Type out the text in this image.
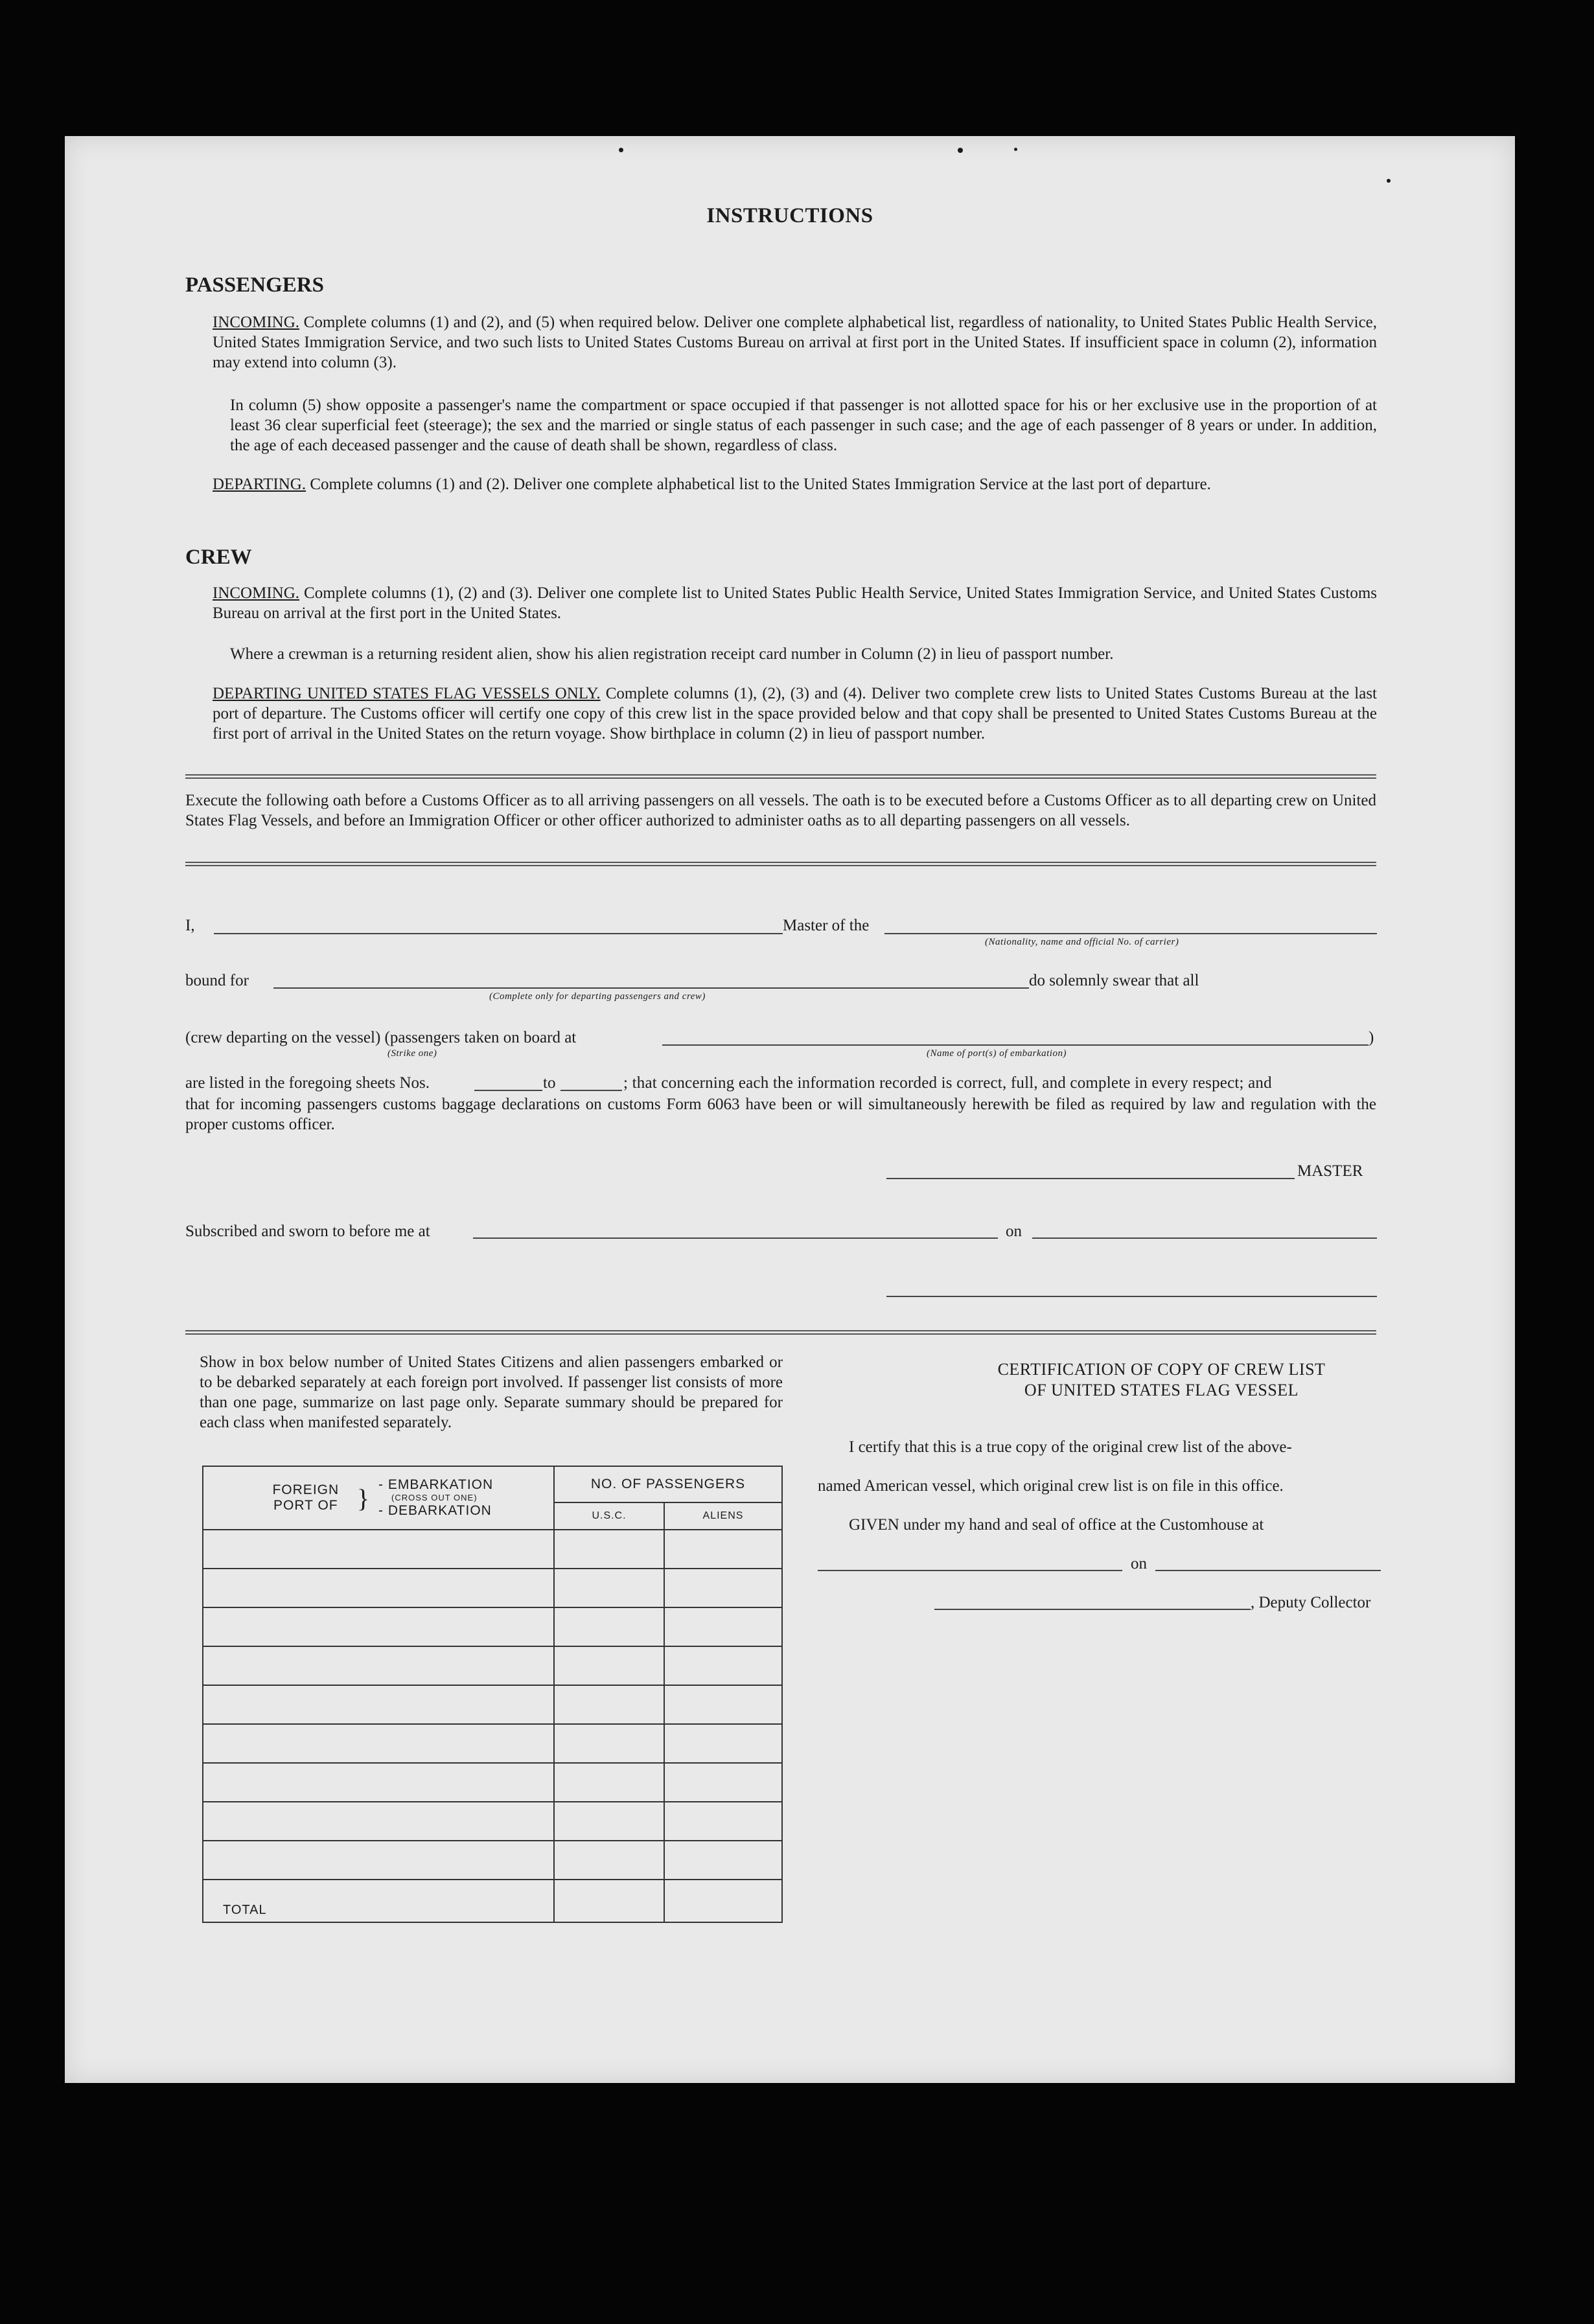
INSTRUCTIONS
PASSENGERS
INCOMING. Complete columns (1) and (2), and (5) when required below. Deliver one complete alphabetical list, regardless of nationality, to United States Public Health Service, United States Immigration Service, and two such lists to United States Customs Bureau on arrival at first port in the United States. If insufficient space in column (2), information may extend into column (3).
In column (5) show opposite a passenger's name the compartment or space occupied if that passenger is not allotted space for his or her exclusive use in the proportion of at least 36 clear superficial feet (steerage); the sex and the married or single status of each passenger in such case; and the age of each passenger of 8 years or under. In addition, the age of each deceased passenger and the cause of death shall be shown, regardless of class.
DEPARTING. Complete columns (1) and (2). Deliver one complete alphabetical list to the United States Immigration Service at the last port of departure.
CREW
INCOMING. Complete columns (1), (2) and (3). Deliver one complete list to United States Public Health Service, United States Immigration Service, and United States Customs Bureau on arrival at the first port in the United States.
Where a crewman is a returning resident alien, show his alien registration receipt card number in Column (2) in lieu of passport number.
DEPARTING UNITED STATES FLAG VESSELS ONLY. Complete columns (1), (2), (3) and (4). Deliver two complete crew lists to United States Customs Bureau at the last port of departure. The Customs officer will certify one copy of this crew list in the space provided below and that copy shall be presented to United States Customs Bureau at the first port of arrival in the United States on the return voyage. Show birthplace in column (2) in lieu of passport number.
Execute the following oath before a Customs Officer as to all arriving passengers on all vessels. The oath is to be executed before a Customs Officer as to all departing crew on United States Flag Vessels, and before an Immigration Officer or other officer authorized to administer oaths as to all departing passengers on all vessels.
I,	Master of the
(Nationality, name and official No. of carrier)
bound for	do solemnly swear that all
(Complete only for departing passengers and crew)
(crew departing on the vessel) (passengers taken on board at	)
(Strike one)	(Name of port(s) of embarkation)
are listed in the foregoing sheets Nos.	to	; that concerning each the information recorded is correct, full, and complete in every respect; and
that for incoming passengers customs baggage declarations on customs Form 6063 have been or will simultaneously herewith be filed as required by law and regulation with the proper customs officer.
MASTER
Subscribed and sworn to before me at	on
Show in box below number of United States Citizens and alien passengers embarked or to be debarked separately at each foreign port involved. If passenger list consists of more than one page, summarize on last page only. Separate summary should be prepared for each class when manifested separately.
FOREIGN PORT OF } - EMBARKATION
(CROSS OUT ONE)
- DEBARKATION	NO. OF PASSENGERS	
	U.S.C.	ALIENS

TOTAL		
CERTIFICATION OF COPY OF CREW LIST
OF UNITED STATES FLAG VESSEL
I certify that this is a true copy of the original crew list of the above-
named American vessel, which original crew list is on file in this office.
GIVEN under my hand and seal of office at the Customhouse at
on
, Deputy Collector
